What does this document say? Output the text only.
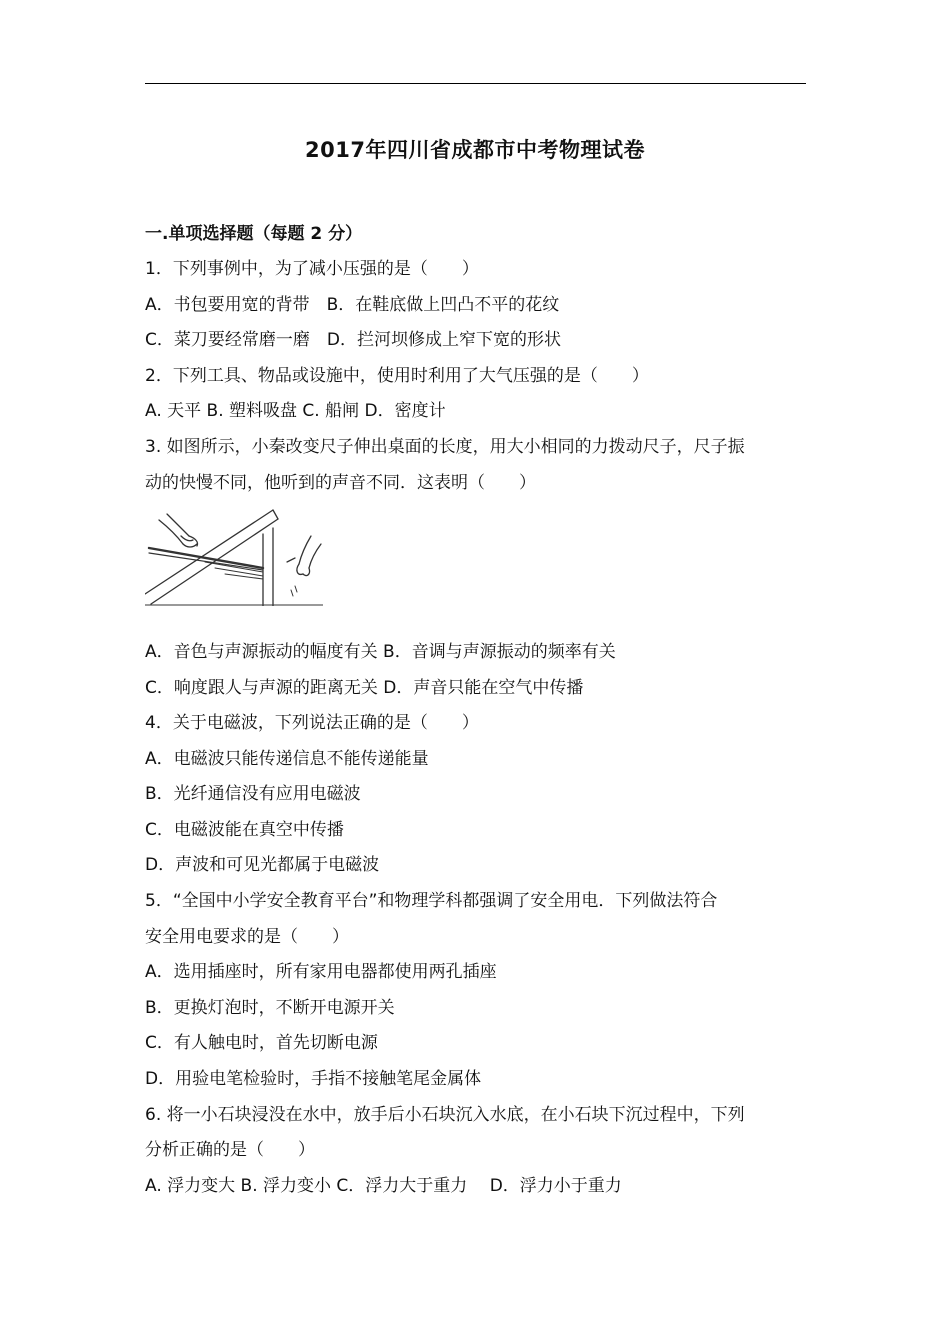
2017年四川省成都市中考物理试卷
一.单项选择题（每题 2 分）
1．下列事例中，为了减小压强的是（　　）
A．书包要用宽的背带　B．在鞋底做上凹凸不平的花纹
C．菜刀要经常磨一磨　D．拦河坝修成上窄下宽的形状
2．下列工具、物品或设施中，使用时利用了大气压强的是（　　）
A. 天平 B. 塑料吸盘 C. 船闸 D．密度计
3. 如图所示，小秦改变尺子伸出桌面的长度，用大小相同的力拨动尺子，尺子振
动的快慢不同，他听到的声音不同．这表明（　　）
A．音色与声源振动的幅度有关 B．音调与声源振动的频率有关
C．响度跟人与声源的距离无关 D．声音只能在空气中传播
4．关于电磁波，下列说法正确的是（　　）
A．电磁波只能传递信息不能传递能量
B．光纤通信没有应用电磁波
C．电磁波能在真空中传播
D．声波和可见光都属于电磁波
5．“全国中小学安全教育平台”和物理学科都强调了安全用电．下列做法符合
安全用电要求的是（　　）
A．选用插座时，所有家用电器都使用两孔插座
B．更换灯泡时，不断开电源开关
C．有人触电时，首先切断电源
D．用验电笔检验时，手指不接触笔尾金属体
6. 将一小石块浸没在水中，放手后小石块沉入水底，在小石块下沉过程中，下列
分析正确的是（　　）
A. 浮力变大 B. 浮力变小 C．浮力大于重力　 D．浮力小于重力
